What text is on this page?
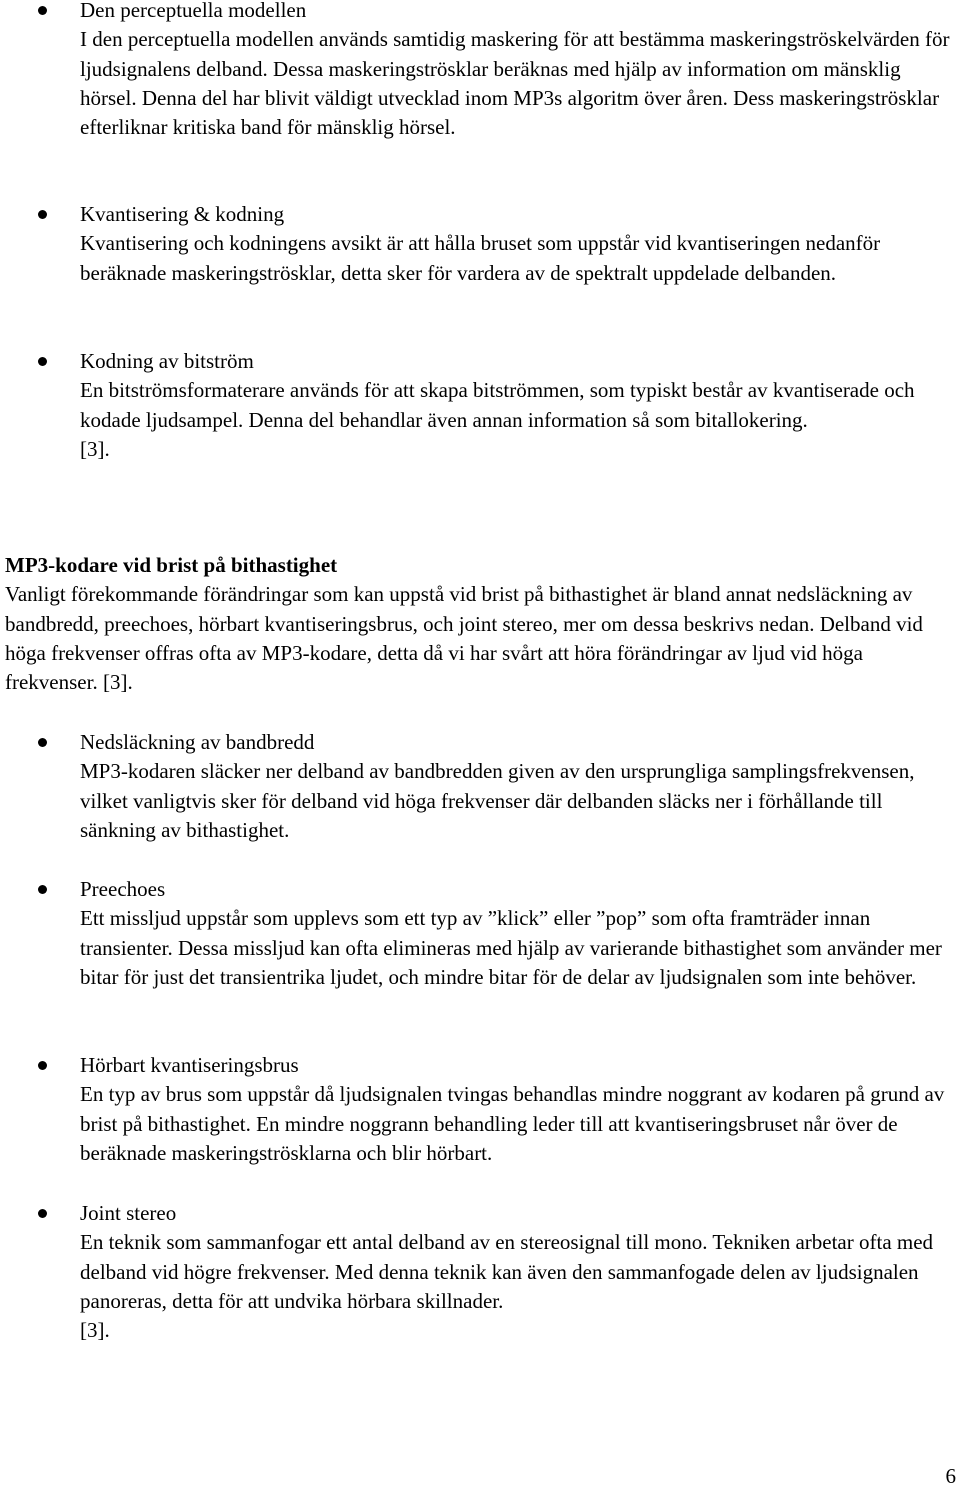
Den perceptuella modellen
I den perceptuella modellen används samtidig maskering för att bestämma maskeringströskelvärden för ljudsignalens delband. Dessa maskeringströsklar beräknas med hjälp av information om mänsklig hörsel. Denna del har blivit väldigt utvecklad inom MP3s algoritm över åren. Dess maskeringströsklar efterliknar kritiska band för mänsklig hörsel.
Kvantisering & kodning
Kvantisering och kodningens avsikt är att hålla bruset som uppstår vid kvantiseringen nedanför beräknade maskeringströsklar, detta sker för vardera av de spektralt uppdelade delbanden.
Kodning av bitström
En bitströmsformaterare används för att skapa bitströmmen, som typiskt består av kvantiserade och kodade ljudsampel. Denna del behandlar även annan information så som bitallokering.
[3].
MP3-kodare vid brist på bithastighet
Vanligt förekommande förändringar som kan uppstå vid brist på bithastighet är bland annat nedsläckning av bandbredd, preechoes, hörbart kvantiseringsbrus, och joint stereo, mer om dessa beskrivs nedan. Delband vid höga frekvenser offras ofta av MP3-kodare, detta då vi har svårt att höra förändringar av ljud vid höga frekvenser. [3].
Nedsläckning av bandbredd
MP3-kodaren släcker ner delband av bandbredden given av den ursprungliga samplingsfrekvensen, vilket vanligtvis sker för delband vid höga frekvenser där delbanden släcks ner i förhållande till sänkning av bithastighet.
Preechoes
Ett missljud uppstår som upplevs som ett typ av ”klick” eller ”pop” som ofta framträder innan transienter. Dessa missljud kan ofta elimineras med hjälp av varierande bithastighet som använder mer bitar för just det transientrika ljudet, och mindre bitar för de delar av ljudsignalen som inte behöver.
Hörbart kvantiseringsbrus
En typ av brus som uppstår då ljudsignalen tvingas behandlas mindre noggrant av kodaren på grund av brist på bithastighet. En mindre noggrann behandling leder till att kvantiseringsbruset når över de beräknade maskeringströsklarna och blir hörbart.
Joint stereo
En teknik som sammanfogar ett antal delband av en stereosignal till mono. Tekniken arbetar ofta med delband vid högre frekvenser. Med denna teknik kan även den sammanfogade delen av ljudsignalen panoreras, detta för att undvika hörbara skillnader.
[3].
6
